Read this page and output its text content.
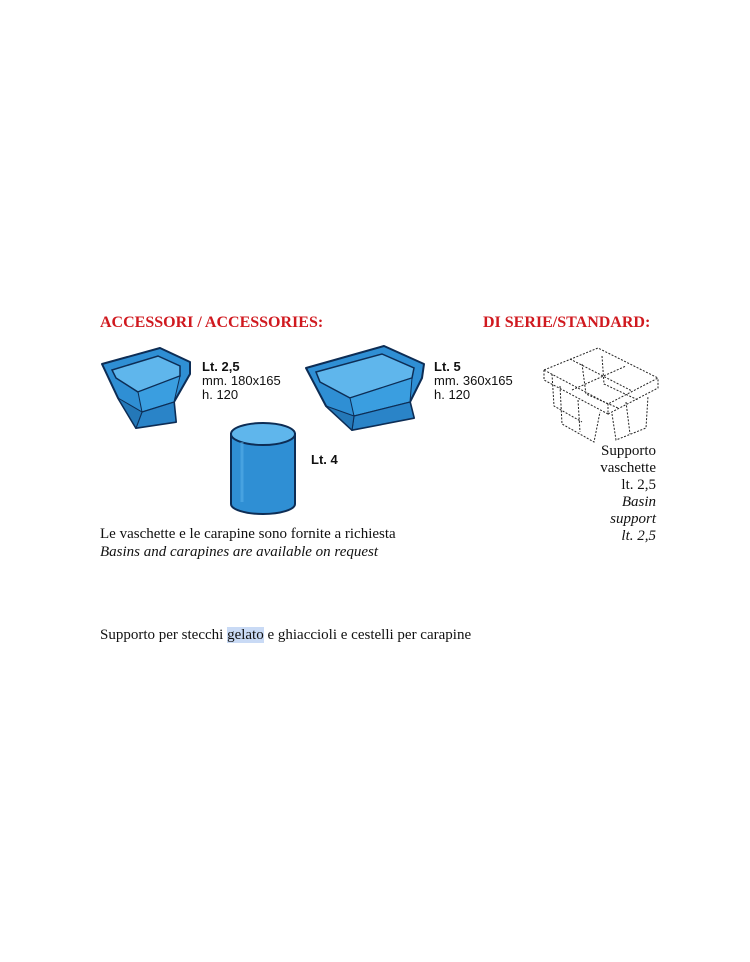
ACCESSORI / ACCESSORIES:	DI SERIE/STANDARD:
Lt. 2,5
mm. 180x165
h. 120
Lt. 5
mm. 360x165
h. 120
Lt. 4
Supporto
vaschette
lt. 2,5
Basin
support
lt. 2,5
Le vaschette e le carapine sono fornite a richiesta
Basins and carapines are available on request
Supporto per stecchi gelato e ghiaccioli e cestelli per carapine
